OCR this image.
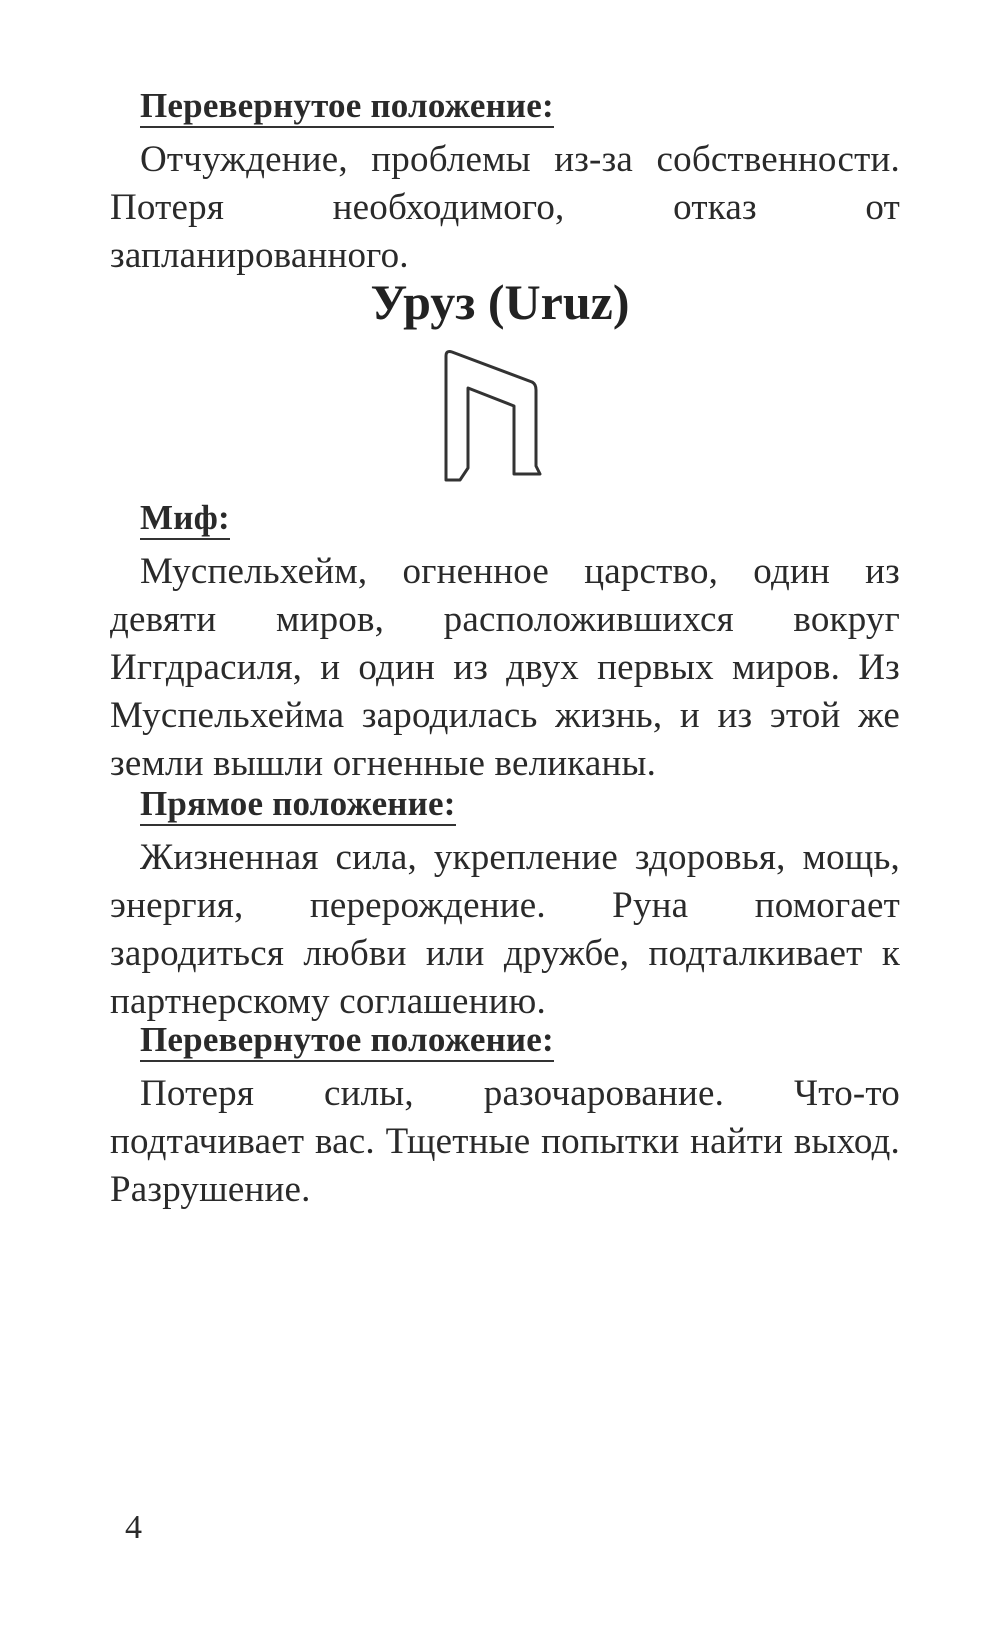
Перевернутое положение:

Отчуждение, проблемы из-за собственности. Потеря необходимого, отказ от запланированного.

Уруз (Uruz)
Миф:

Муспельхейм, огненное царство, один из девяти миров, расположившихся вокруг Иггдрасиля, и один из двух первых миров. Из Муспельхейма зародилась жизнь, и из этой же земли вышли огненные великаны.

Прямое положение:

Жизненная сила, укрепление здоровья, мощь, энергия, перерождение. Руна помогает зародиться любви или дружбе, подталкивает к партнерскому соглашению.

Перевернутое положение:

Потеря силы, разочарование. Что-то подтачивает вас. Тщетные попытки найти выход. Разрушение.

4
